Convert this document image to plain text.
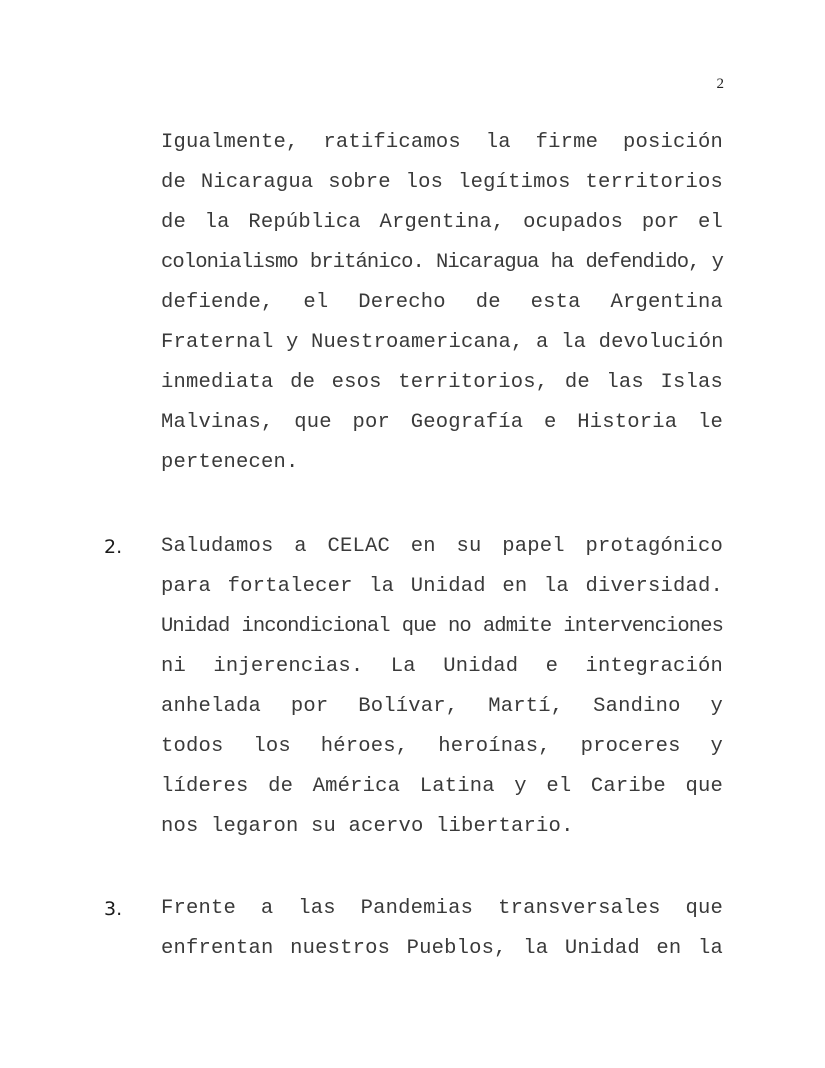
2
Igualmente, ratificamos la firme posición
de Nicaragua sobre los legítimos territorios
de la República Argentina, ocupados por el
colonialismo británico. Nicaragua ha defendido, y
defiende, el Derecho de esta Argentina
Fraternal y Nuestroamericana, a la devolución
inmediata de esos territorios, de las Islas
Malvinas, que por Geografía e Historia le
pertenecen.
2. Saludamos a CELAC en su papel protagónico
para fortalecer la Unidad en la diversidad.
Unidad incondicional que no admite intervenciones
ni injerencias. La Unidad e integración
anhelada por Bolívar, Martí, Sandino y
todos los héroes, heroínas, proceres y
líderes de América Latina y el Caribe que
nos legaron su acervo libertario.
3. Frente a las Pandemias transversales que
enfrentan nuestros Pueblos, la Unidad en la
